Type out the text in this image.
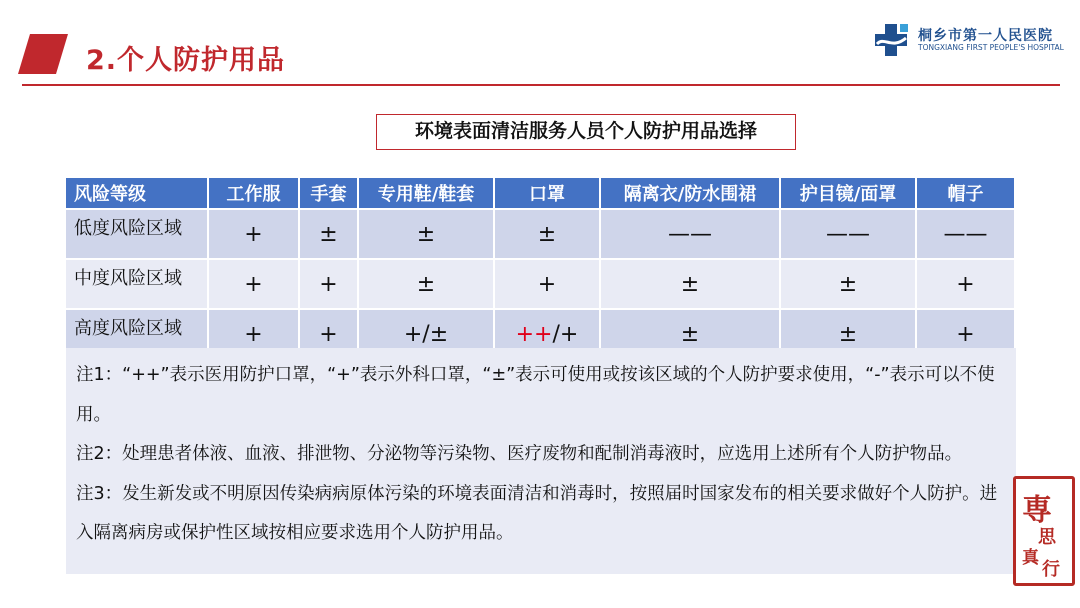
2.个人防护用品
桐乡市第一人民医院
TONGXIANG FIRST PEOPLE'S HOSPITAL
环境表面清洁服务人员个人防护用品选择
风险等级	工作服	手套	专用鞋/鞋套	口罩	隔离衣/防水围裙	护目镜/面罩	帽子
低度风险区域	+	±	±	±	——	——	——
中度风险区域	+	+	±	+	±	±	+
高度风险区域	+	+	+/±	++/+	±	±	+

注1：“++”表示医用防护口罩，“+”表示外科口罩，“±”表示可使用或按该区域的个人防护要求使用，“-”表示可以不使用。

注2：处理患者体液、血液、排泄物、分泌物等污染物、医疗废物和配制消毒液时，应选用上述所有个人防护物品。

注3：发生新发或不明原因传染病病原体污染的环境表面清洁和消毒时，按照届时国家发布的相关要求做好个人防护。进入隔离病房或保护性区域按相应要求选用个人防护用品。

専
思
真
行
